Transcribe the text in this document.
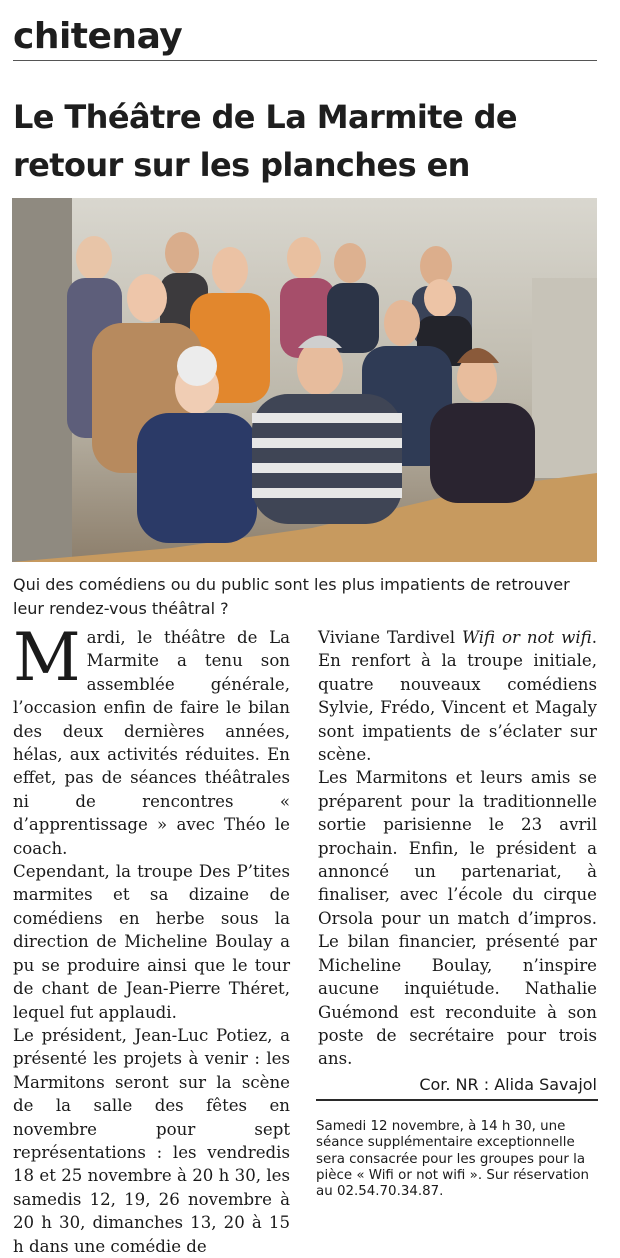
chitenay
Le Théâtre de La Marmite de retour sur les planches en

Qui des comédiens ou du public sont les plus impatients de retrouver leur rendez-vous théâtral ?

Mardi, le théâtre de La Marmite a tenu son assemblée générale, l’occasion enfin de faire le bilan des deux dernières années, hélas, aux activités réduites. En effet, pas de séances théâtrales ni de rencontres « d’apprentissage » avec Théo le coach.

Cependant, la troupe Des P’tites marmites et sa dizaine de comédiens en herbe sous la direction de Micheline Boulay a pu se produire ainsi que le tour de chant de Jean-Pierre Théret, lequel fut applaudi.

Le président, Jean-Luc Potiez, a présenté les projets à venir : les Marmitons seront sur la scène de la salle des fêtes en novembre pour sept représentations : les vendredis 18 et 25 novembre à 20 h 30, les samedis 12, 19, 26 novembre à 20 h 30, dimanches 13, 20 à 15 h dans une comédie de

Viviane Tardivel Wifi or not wifi. En renfort à la troupe initiale, quatre nouveaux comédiens Sylvie, Frédo, Vincent et Magaly sont impatients de s’éclater sur scène.

Les Marmitons et leurs amis se préparent pour la traditionnelle sortie parisienne le 23 avril prochain. Enfin, le président a annoncé un partenariat, à finaliser, avec l’école du cirque Orsola pour un match d’impros. Le bilan financier, présenté par Micheline Boulay, n’inspire aucune inquiétude. Nathalie Guémond est reconduite à son poste de secrétaire pour trois ans.

Cor. NR : Alida Savajol

Samedi 12 novembre, à 14 h 30, une séance supplémentaire exceptionnelle sera consacrée pour les groupes pour la pièce « Wifi or not wifi ». Sur réservation au 02.54.70.34.87.
